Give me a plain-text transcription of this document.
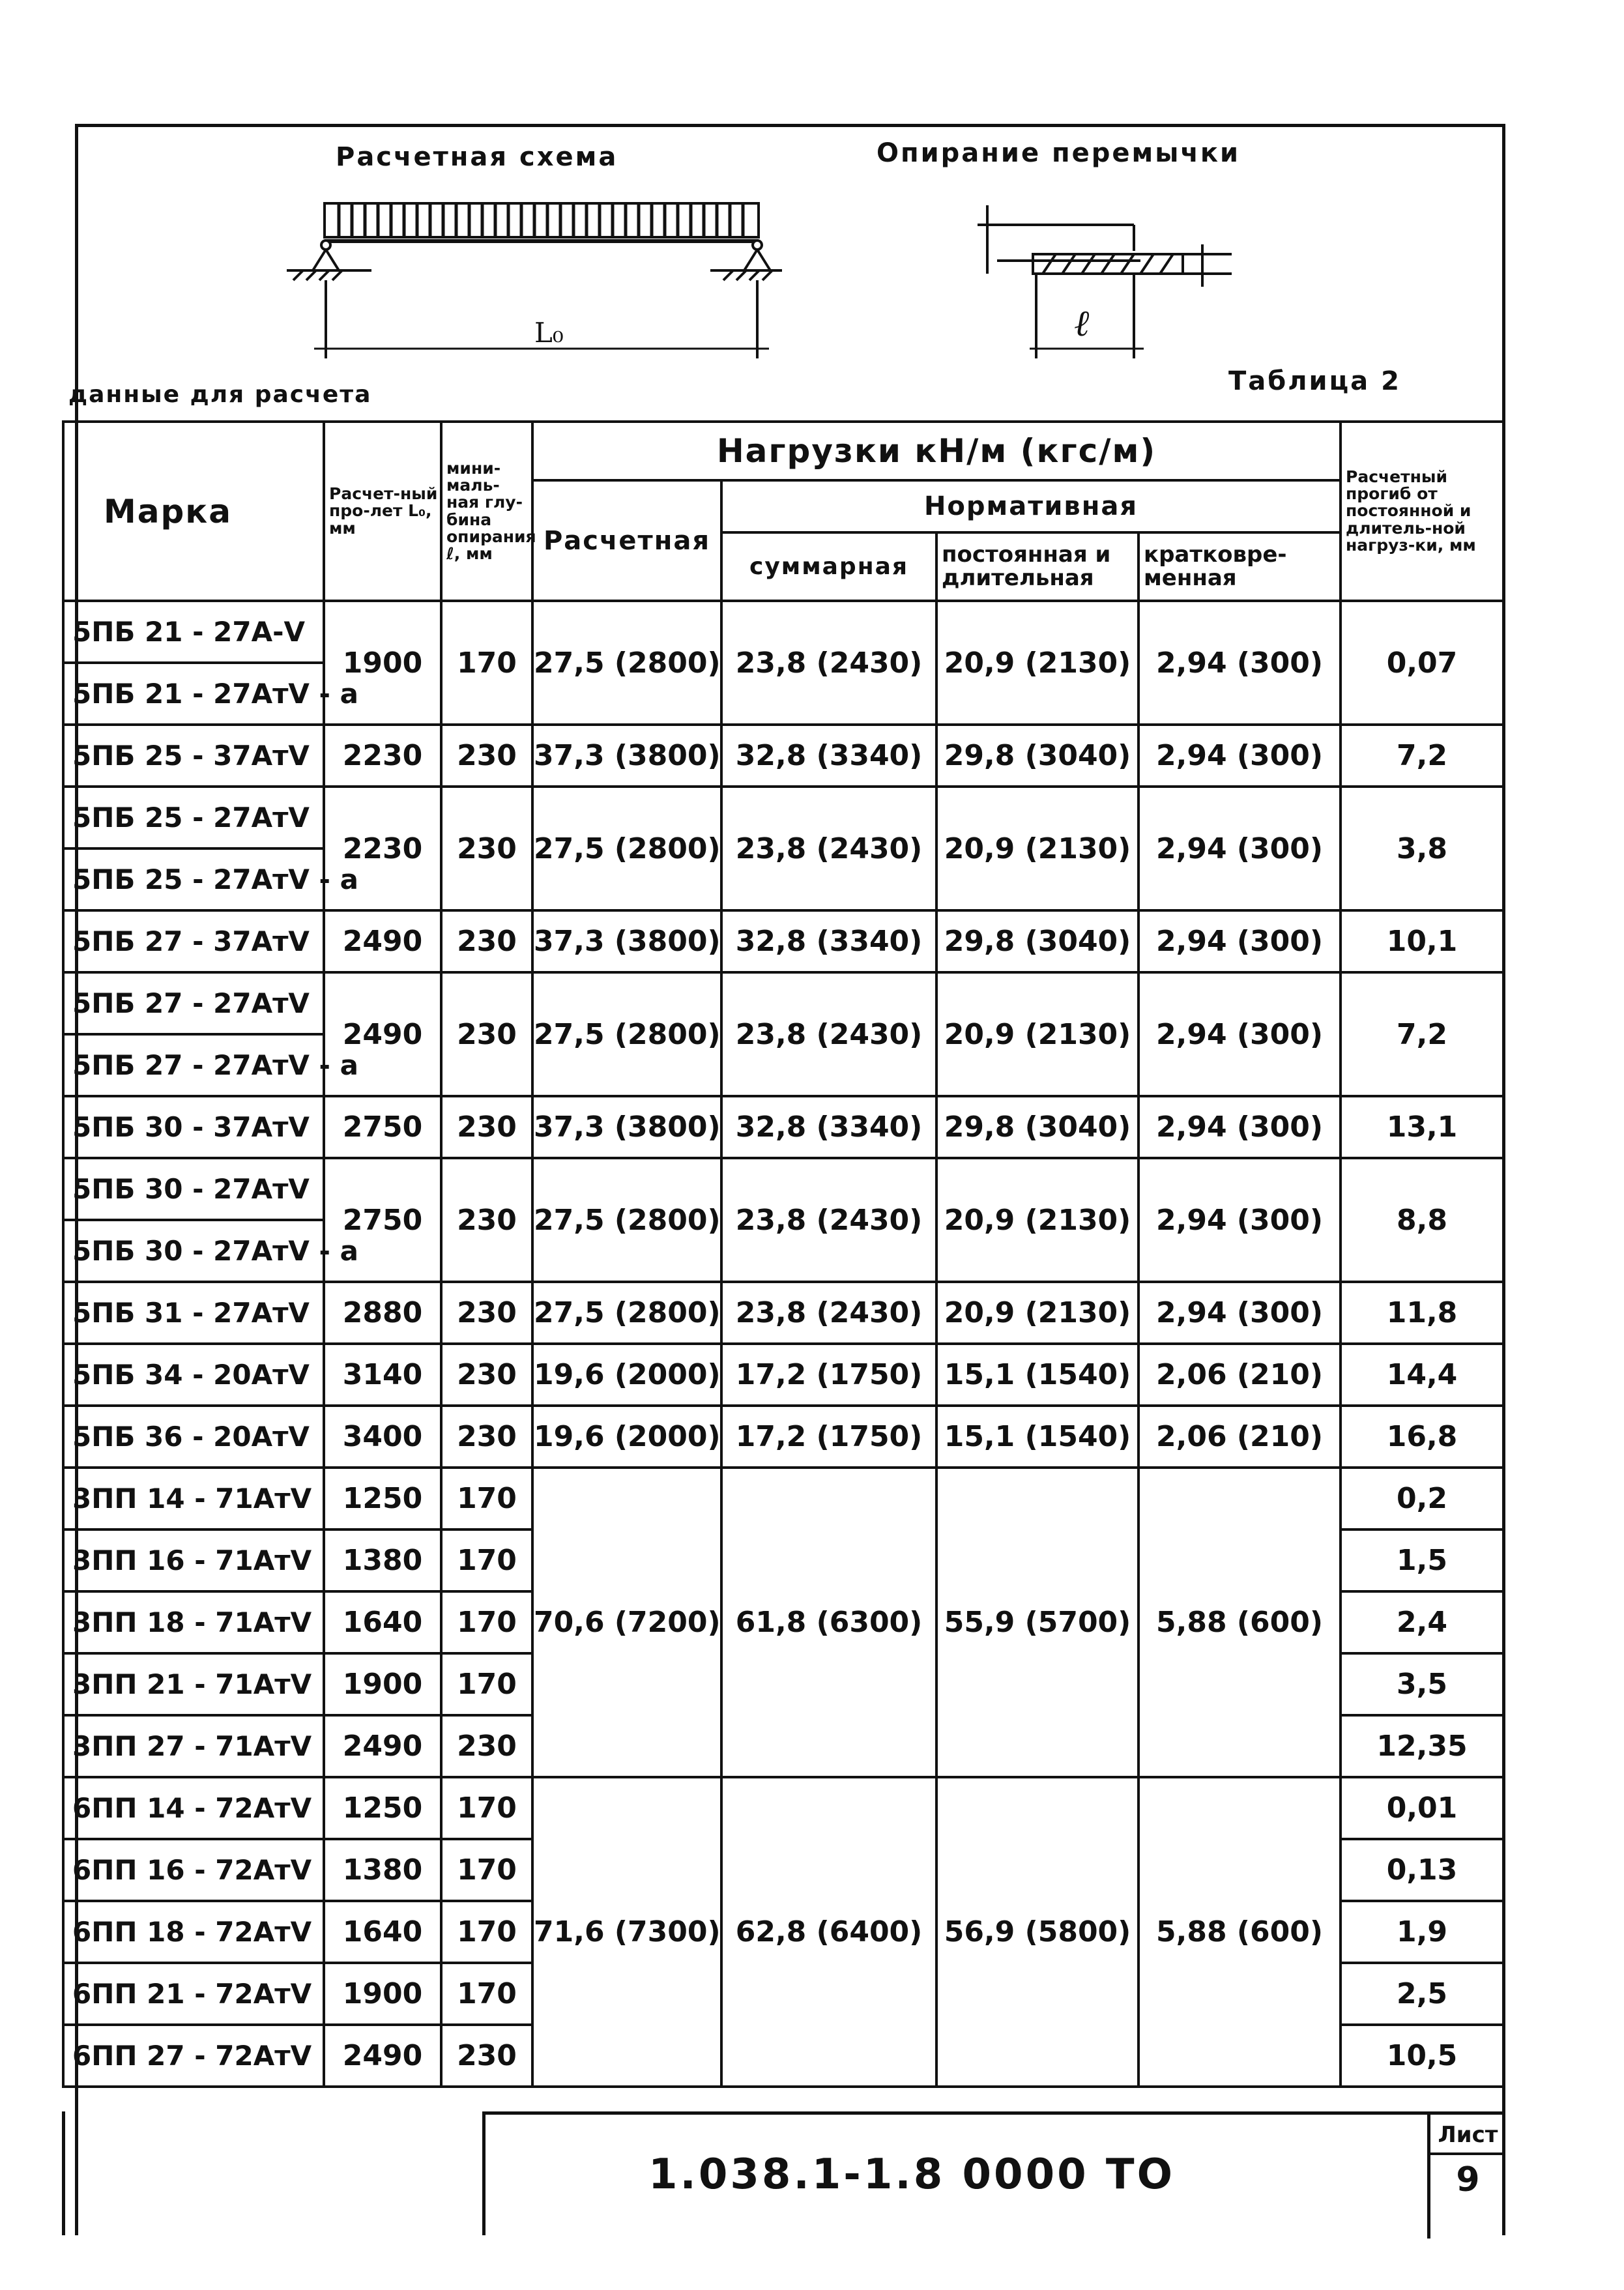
Расчетная схема	Опирание перемычки
L₀	ℓ
данные для расчета	Таблица 2
Марка	Расчет-ный про-лет L₀, мм	мини-маль-ная глу-бина опирания ℓ, мм	Нагрузки кН/м (кгс/м)				Расчетный прогиб от постоянной и длитель-ной нагруз-ки, мм
			Расчетная	Нормативная			
				суммарная	постоянная и длительная	кратковре-менная	
5ПБ 21 - 27А-V	1900	170	27,5 (2800)	23,8 (2430)	20,9 (2130)	2,94 (300)	0,07
5ПБ 21 - 27АтV - а							
5ПБ 25 - 37АтV	2230	230	37,3 (3800)	32,8 (3340)	29,8 (3040)	2,94 (300)	7,2
5ПБ 25 - 27АтV	2230	230	27,5 (2800)	23,8 (2430)	20,9 (2130)	2,94 (300)	3,8
5ПБ 25 - 27АтV - а							
5ПБ 27 - 37АтV	2490	230	37,3 (3800)	32,8 (3340)	29,8 (3040)	2,94 (300)	10,1
5ПБ 27 - 27АтV	2490	230	27,5 (2800)	23,8 (2430)	20,9 (2130)	2,94 (300)	7,2
5ПБ 27 - 27АтV - а							
5ПБ 30 - 37АтV	2750	230	37,3 (3800)	32,8 (3340)	29,8 (3040)	2,94 (300)	13,1
5ПБ 30 - 27АтV	2750	230	27,5 (2800)	23,8 (2430)	20,9 (2130)	2,94 (300)	8,8
5ПБ 30 - 27АтV - а							
5ПБ 31 - 27АтV	2880	230	27,5 (2800)	23,8 (2430)	20,9 (2130)	2,94 (300)	11,8
5ПБ 34 - 20АтV	3140	230	19,6 (2000)	17,2 (1750)	15,1 (1540)	2,06 (210)	14,4
5ПБ 36 - 20АтV	3400	230	19,6 (2000)	17,2 (1750)	15,1 (1540)	2,06 (210)	16,8
3ПП 14 - 71АтV	1250	170	70,6 (7200)	61,8 (6300)	55,9 (5700)	5,88 (600)	0,2
3ПП 16 - 71АтV	1380	170					1,5
3ПП 18 - 71АтV	1640	170					2,4
3ПП 21 - 71АтV	1900	170					3,5
3ПП 27 - 71АтV	2490	230					12,35
6ПП 14 - 72АтV	1250	170	71,6 (7300)	62,8 (6400)	56,9 (5800)	5,88 (600)	0,01
6ПП 16 - 72АтV	1380	170					0,13
6ПП 18 - 72АтV	1640	170					1,9
6ПП 21 - 72АтV	1900	170					2,5
6ПП 27 - 72АтV	2490	230					10,5
1.038.1-1.8 0000 ТО
Лист
9
